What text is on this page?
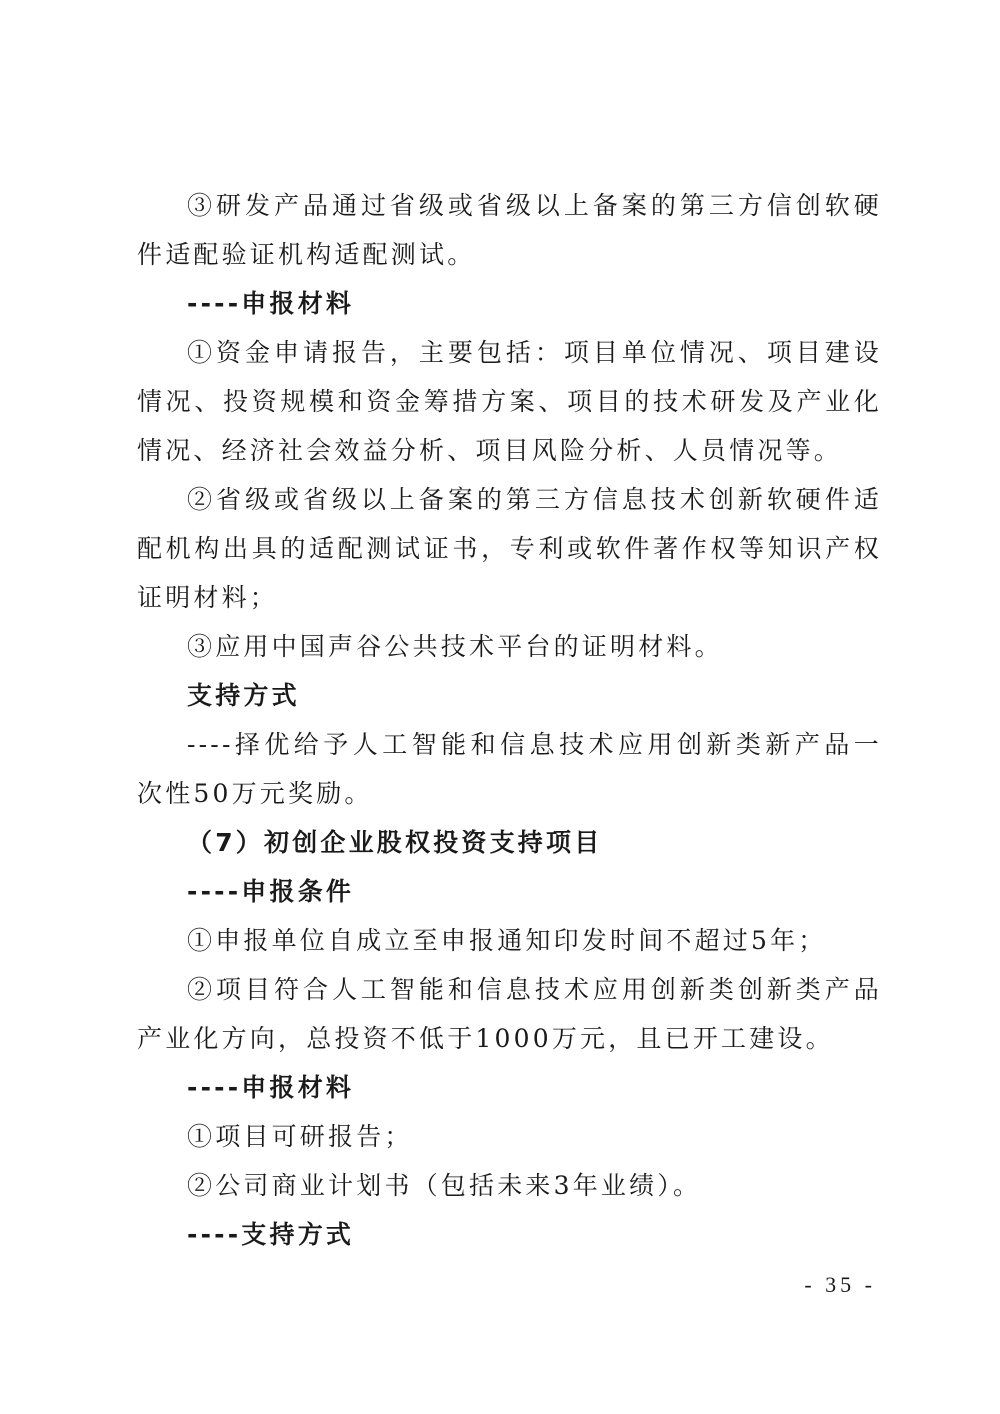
③研发产品通过省级或省级以上备案的第三方信创软硬件适配验证机构适配测试。

----申报材料

①资金申请报告，主要包括：项目单位情况、项目建设情况、投资规模和资金筹措方案、项目的技术研发及产业化情况、经济社会效益分析、项目风险分析、人员情况等。

②省级或省级以上备案的第三方信息技术创新软硬件适配机构出具的适配测试证书，专利或软件著作权等知识产权证明材料；

③应用中国声谷公共技术平台的证明材料。

支持方式

----择优给予人工智能和信息技术应用创新类新产品一次性50万元奖励。

（7）初创企业股权投资支持项目

----申报条件

①申报单位自成立至申报通知印发时间不超过5年；

②项目符合人工智能和信息技术应用创新类创新类产品产业化方向，总投资不低于1000万元，且已开工建设。

----申报材料

①项目可研报告；

②公司商业计划书（包括未来3年业绩）。

----支持方式

- 35 -
